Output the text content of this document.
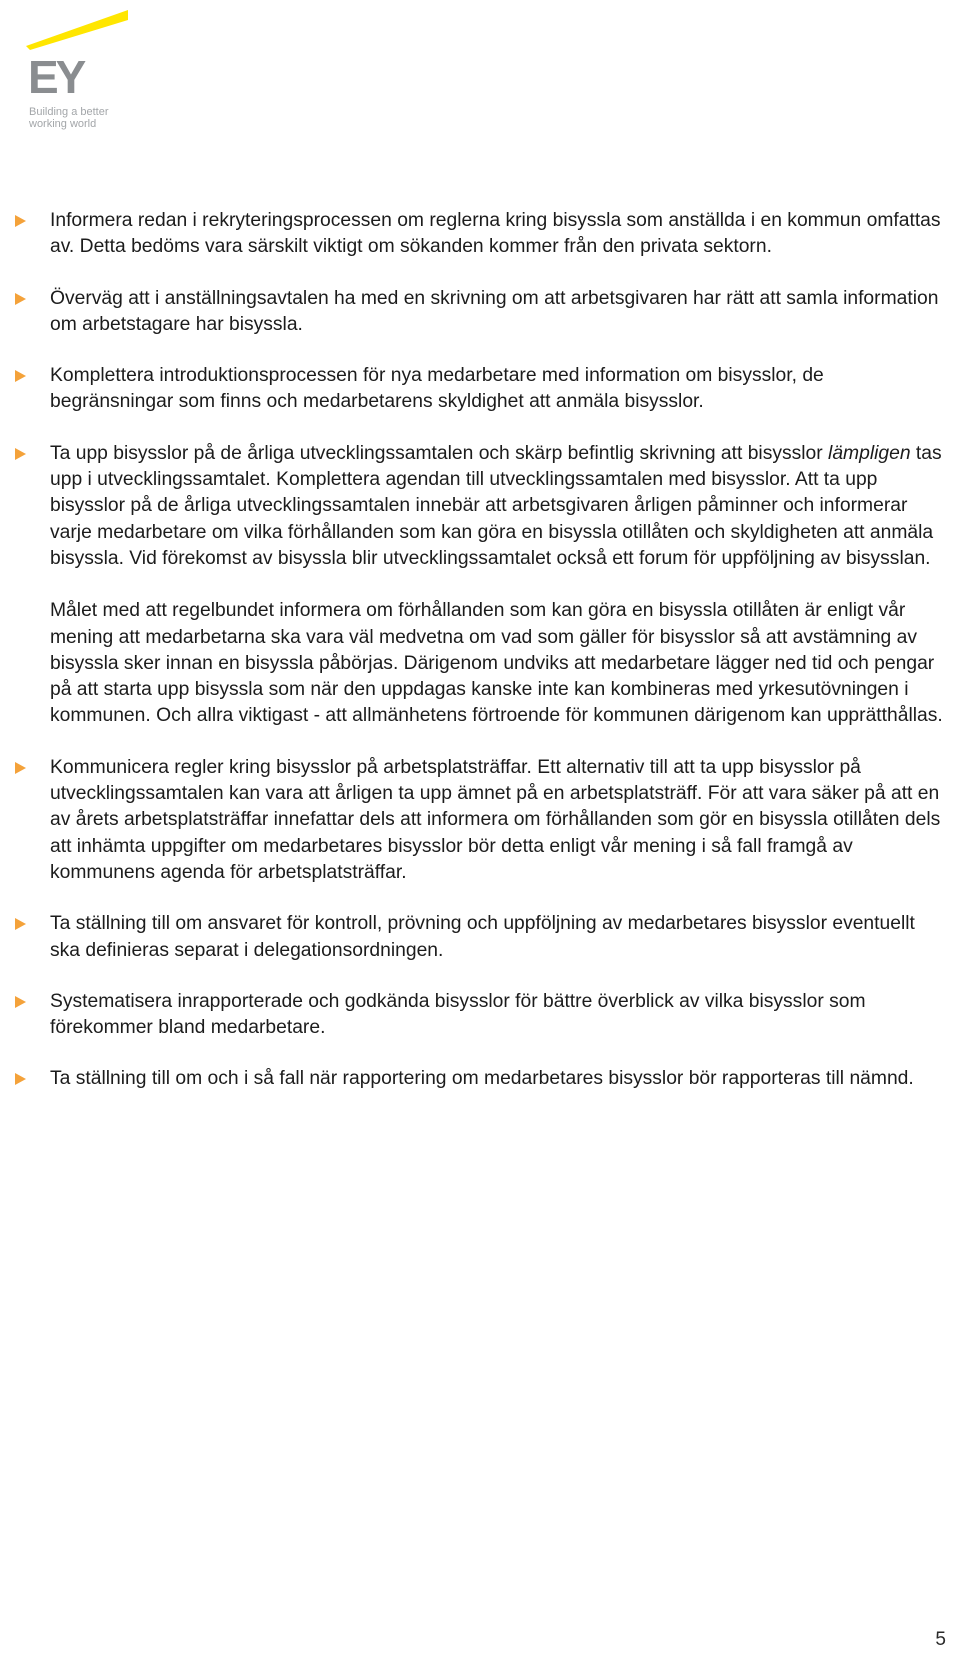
EY
Building a better
working world
Informera redan i rekryteringsprocessen om reglerna kring bisyssla som anställda i en kommun omfattas av. Detta bedöms vara särskilt viktigt om sökanden kommer från den privata sektorn.
Överväg att i anställningsavtalen ha med en skrivning om att arbetsgivaren har rätt att samla information om arbetstagare har bisyssla.
Komplettera introduktionsprocessen för nya medarbetare med information om bisysslor, de begränsningar som finns och medarbetarens skyldighet att anmäla bisysslor.
Ta upp bisysslor på de årliga utvecklingssamtalen och skärp befintlig skrivning att bisysslor lämpligen tas upp i utvecklingssamtalet. Komplettera agendan till utvecklingssamtalen med bisysslor. Att ta upp bisysslor på de årliga utvecklingssamtalen innebär att arbetsgivaren årligen påminner och informerar varje medarbetare om vilka förhållanden som kan göra en bisyssla otillåten och skyldigheten att anmäla bisyssla. Vid förekomst av bisyssla blir utvecklingssamtalet också ett forum för uppföljning av bisysslan.
Målet med att regelbundet informera om förhållanden som kan göra en bisyssla otillåten är enligt vår mening att medarbetarna ska vara väl medvetna om vad som gäller för bisysslor så att avstämning av bisyssla sker innan en bisyssla påbörjas. Därigenom undviks att medarbetare lägger ned tid och pengar på att starta upp bisyssla som när den uppdagas kanske inte kan kombineras med yrkesutövningen i kommunen. Och allra viktigast - att allmänhetens förtroende för kommunen därigenom kan upprätthållas.
Kommunicera regler kring bisysslor på arbetsplatsträffar. Ett alternativ till att ta upp bisysslor på utvecklingssamtalen kan vara att årligen ta upp ämnet på en arbetsplatsträff. För att vara säker på att en av årets arbetsplatsträffar innefattar dels att informera om förhållanden som gör en bisyssla otillåten dels att inhämta uppgifter om medarbetares bisysslor bör detta enligt vår mening i så fall framgå av kommunens agenda för arbetsplatsträffar.
Ta ställning till om ansvaret för kontroll, prövning och uppföljning av medarbetares bisysslor eventuellt ska definieras separat i delegationsordningen.
Systematisera inrapporterade och godkända bisysslor för bättre överblick av vilka bisysslor som förekommer bland medarbetare.
Ta ställning till om och i så fall när rapportering om medarbetares bisysslor bör rapporteras till nämnd.
5
